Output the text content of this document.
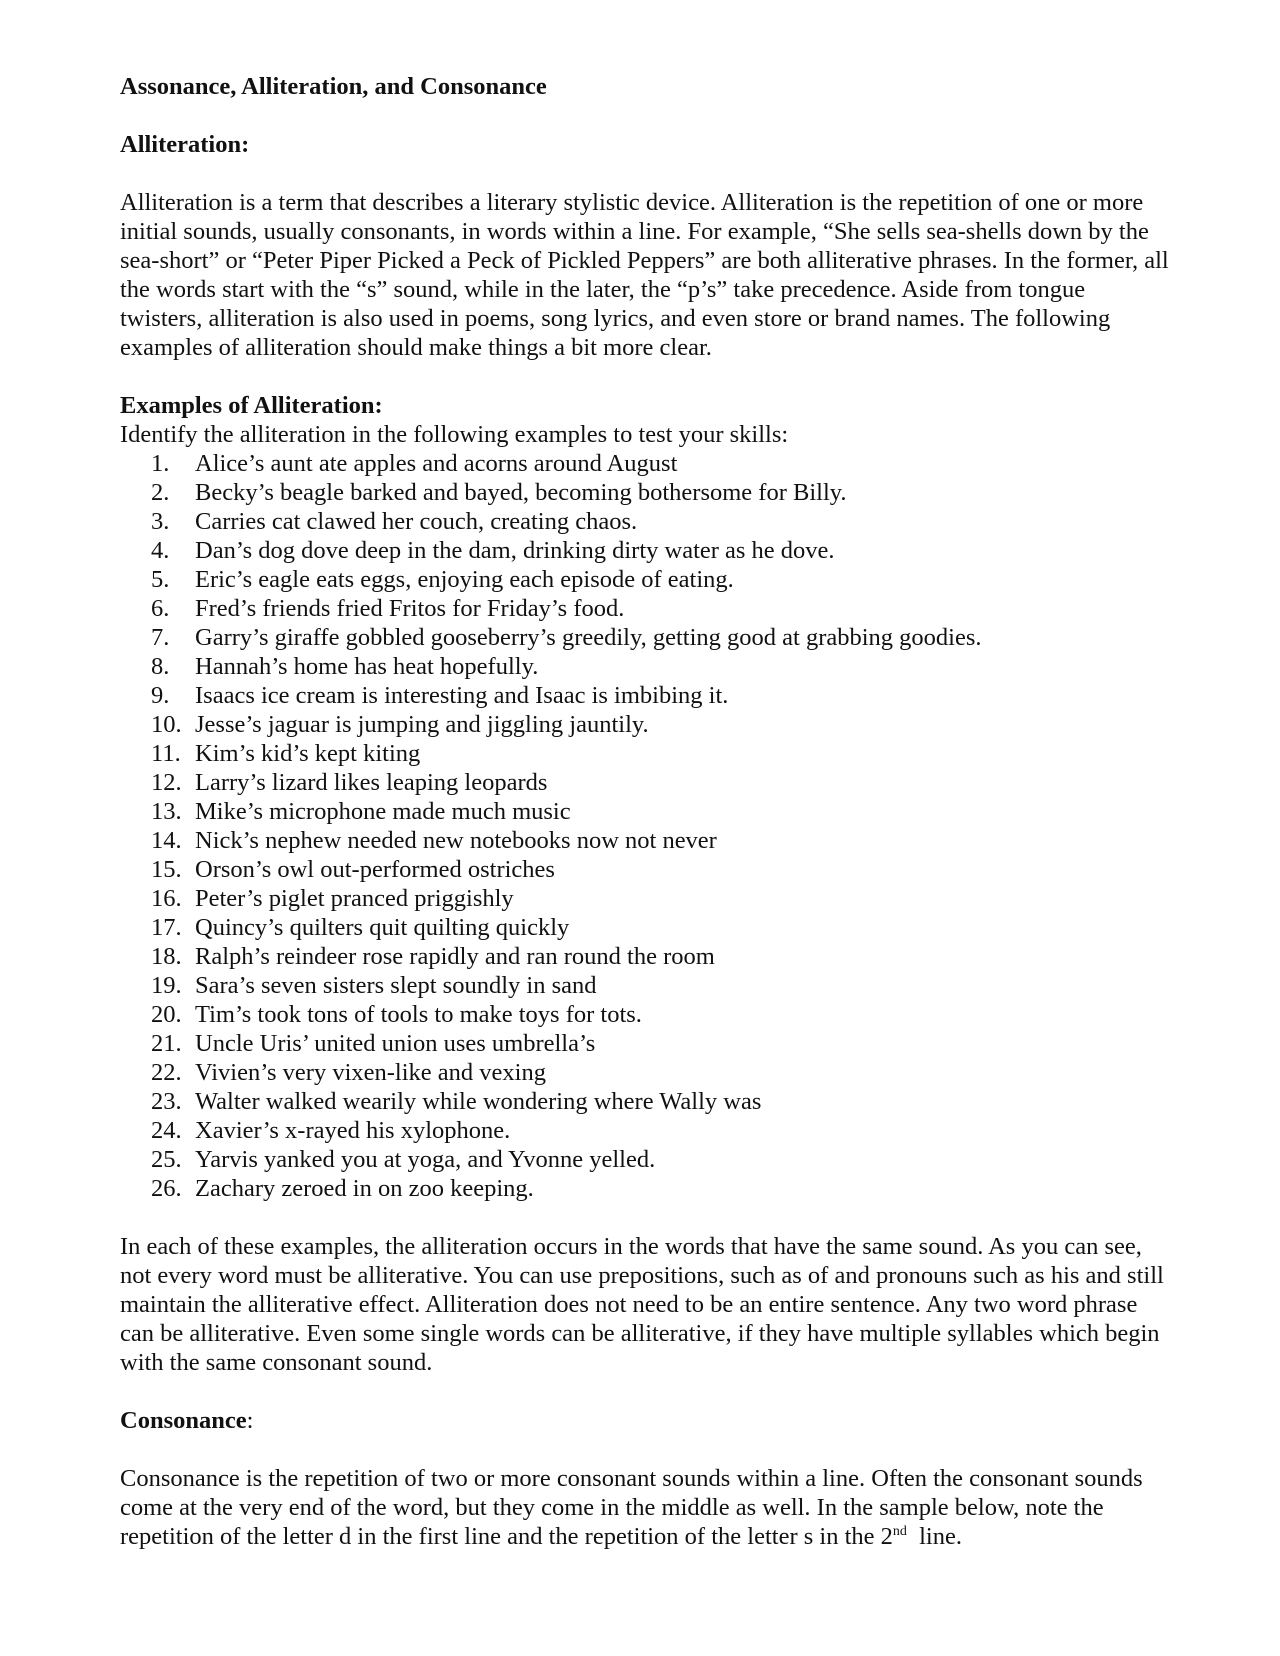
Assonance, Alliteration, and Consonance

Alliteration:

Alliteration is a term that describes a literary stylistic device. Alliteration is the repetition of one or more initial sounds, usually consonants, in words within a line. For example, “She sells sea-shells down by the sea-short” or “Peter Piper Picked a Peck of Pickled Peppers” are both alliterative phrases. In the former, all the words start with the “s” sound, while in the later, the “p’s” take precedence. Aside from tongue twisters, alliteration is also used in poems, song lyrics, and even store or brand names. The following examples of alliteration should make things a bit more clear.

Examples of Alliteration:

Identify the alliteration in the following examples to test your skills:

1.	Alice’s aunt ate apples and acorns around August
2.	Becky’s beagle barked and bayed, becoming bothersome for Billy.
3.	Carries cat clawed her couch, creating chaos.
4.	Dan’s dog dove deep in the dam, drinking dirty water as he dove.
5.	Eric’s eagle eats eggs, enjoying each episode of eating.
6.	Fred’s friends fried Fritos for Friday’s food.
7.	Garry’s giraffe gobbled gooseberry’s greedily, getting good at grabbing goodies.
8.	Hannah’s home has heat hopefully.
9.	Isaacs ice cream is interesting and Isaac is imbibing it.
10. Jesse’s jaguar is jumping and jiggling jauntily.
11. Kim’s kid’s kept kiting
12. Larry’s lizard likes leaping leopards
13. Mike’s microphone made much music
14. Nick’s nephew needed new notebooks now not never
15. Orson’s owl out-performed ostriches
16. Peter’s piglet pranced priggishly
17. Quincy’s quilters quit quilting quickly
18. Ralph’s reindeer rose rapidly and ran round the room
19. Sara’s seven sisters slept soundly in sand
20. Tim’s took tons of tools to make toys for tots.
21. Uncle Uris’ united union uses umbrella’s
22. Vivien’s very vixen-like and vexing
23. Walter walked wearily while wondering where Wally was
24. Xavier’s x-rayed his xylophone.
25. Yarvis yanked you at yoga, and Yvonne yelled.
26. Zachary zeroed in on zoo keeping.

In each of these examples, the alliteration occurs in the words that have the same sound. As you can see, not every word must be alliterative. You can use prepositions, such as of and pronouns such as his and still maintain the alliterative effect. Alliteration does not need to be an entire sentence. Any two word phrase can be alliterative. Even some single words can be alliterative, if they have multiple syllables which begin with the same consonant sound.

Consonance:

Consonance is the repetition of two or more consonant sounds within a line. Often the consonant sounds come at the very end of the word, but they come in the middle as well. In the sample below, note the repetition of the letter d in the first line and the repetition of the letter s in the 2nd  line.
